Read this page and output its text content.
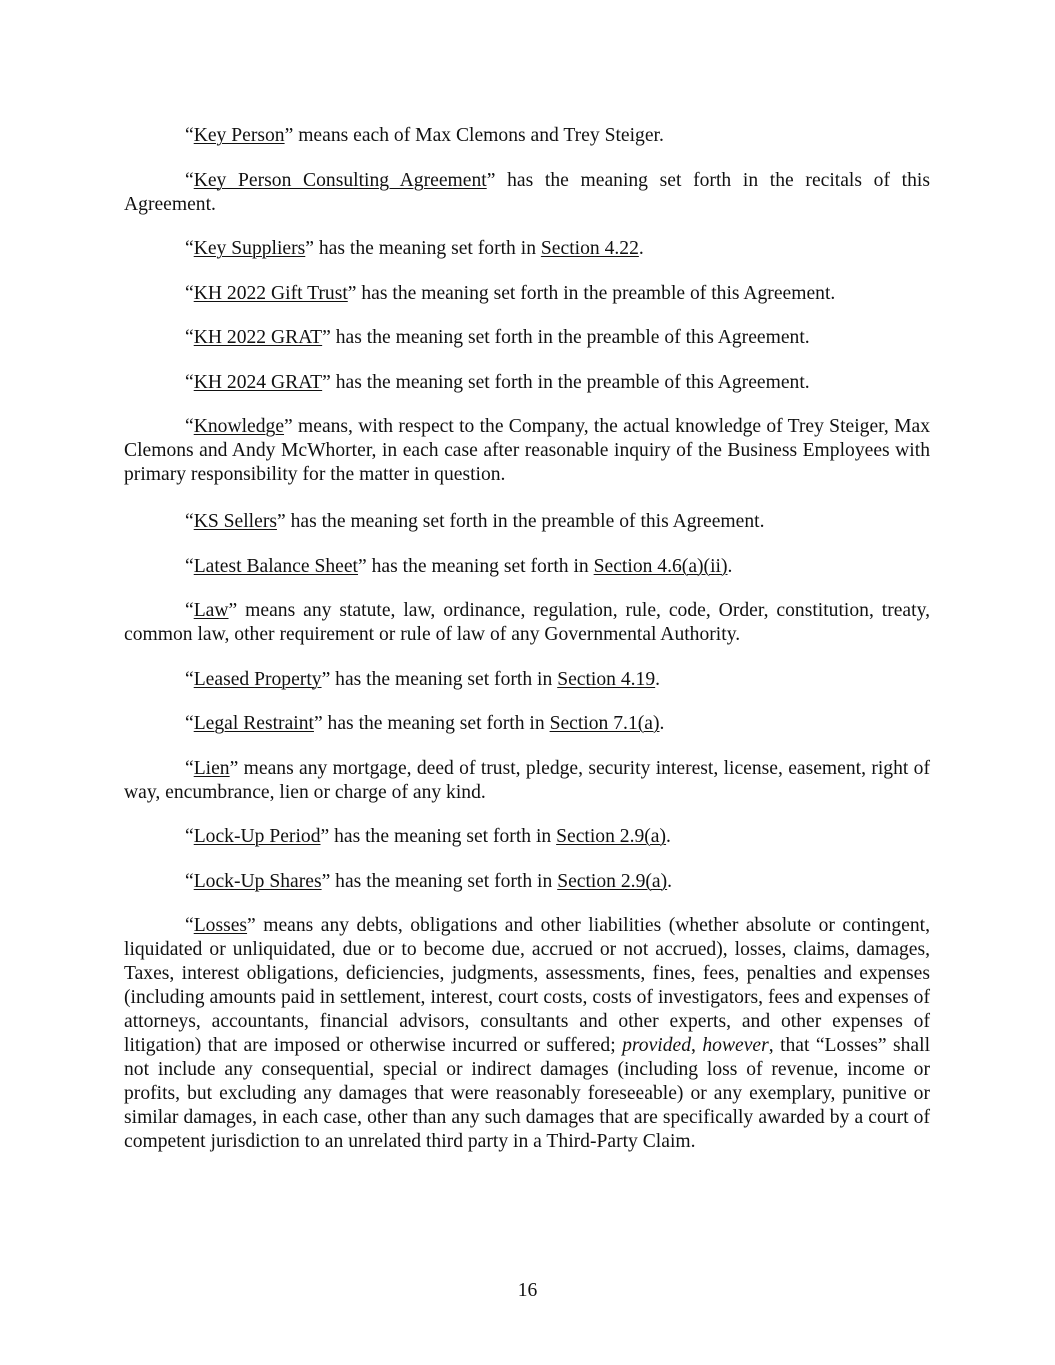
“Key Person” means each of Max Clemons and Trey Steiger.

“Key Person Consulting Agreement” has the meaning set forth in the recitals of this Agreement.

“Key Suppliers” has the meaning set forth in Section 4.22.

“KH 2022 Gift Trust” has the meaning set forth in the preamble of this Agreement.

“KH 2022 GRAT” has the meaning set forth in the preamble of this Agreement.

“KH 2024 GRAT” has the meaning set forth in the preamble of this Agreement.

“Knowledge” means, with respect to the Company, the actual knowledge of Trey Steiger, Max Clemons and Andy McWhorter, in each case after reasonable inquiry of the Business Employees with primary responsibility for the matter in question.

“KS Sellers” has the meaning set forth in the preamble of this Agreement.

“Latest Balance Sheet” has the meaning set forth in Section 4.6(a)(ii).

“Law” means any statute, law, ordinance, regulation, rule, code, Order, constitution, treaty, common law, other requirement or rule of law of any Governmental Authority.

“Leased Property” has the meaning set forth in Section 4.19.

“Legal Restraint” has the meaning set forth in Section 7.1(a).

“Lien” means any mortgage, deed of trust, pledge, security interest, license, easement, right of way, encumbrance, lien or charge of any kind.

“Lock-Up Period” has the meaning set forth in Section 2.9(a).

“Lock-Up Shares” has the meaning set forth in Section 2.9(a).

“Losses” means any debts, obligations and other liabilities (whether absolute or contingent, liquidated or unliquidated, due or to become due, accrued or not accrued), losses, claims, damages, Taxes, interest obligations, deficiencies, judgments, assessments, fines, fees, penalties and expenses (including amounts paid in settlement, interest, court costs, costs of investigators, fees and expenses of attorneys, accountants, financial advisors, consultants and other experts, and other expenses of litigation) that are imposed or otherwise incurred or suffered; provided, however, that “Losses” shall not include any consequential, special or indirect damages (including loss of revenue, income or profits, but excluding any damages that were reasonably foreseeable) or any exemplary, punitive or similar damages, in each case, other than any such damages that are specifically awarded by a court of competent jurisdiction to an unrelated third party in a Third-Party Claim.

16
